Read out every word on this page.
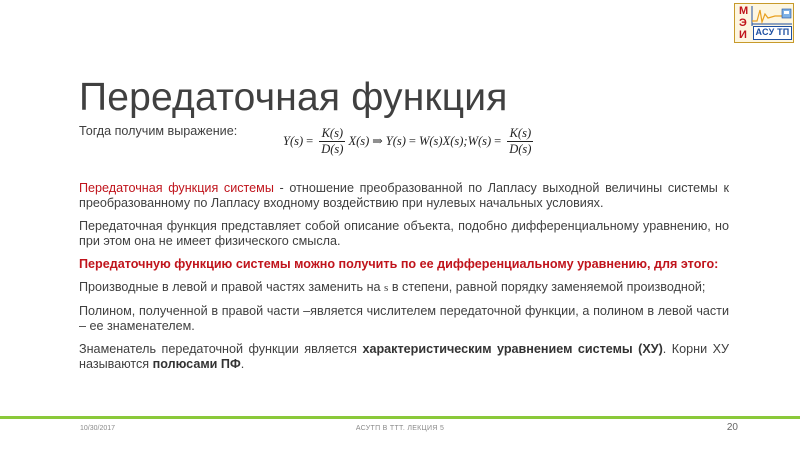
М
Э
И АСУ ТП
Передаточная функция
Тогда получим выражение:
$Y(s) = \frac{K(s)}{D(s)} X(s)$ ⇒ Y(s) = W(s)X(s); $W(s) = \frac{K(s)}{D(s)}$

Передаточная функция системы - отношение преобразованной по Лапласу выходной величины системы к преобразованному по Лапласу входному воздействию при нулевых начальных условиях.

Передаточная функция представляет собой описание объекта, подобно дифференциальному уравнению, но при этом она не имеет физического смысла.

Передаточную функцию системы можно получить по ее дифференциальному уравнению, для этого:

Производные в левой и правой частях заменить на s в степени, равной порядку заменяемой производной;

Полином, полученной в правой части –является числителем передаточной функции, а полином в левой части – ее знаменателем.

Знаменатель передаточной функции является характеристическим уравнением системы (ХУ). Корни ХУ называются полюсами ПФ.

10/30/2017	АСУТП В ТТТ. ЛЕКЦИЯ 5	20
